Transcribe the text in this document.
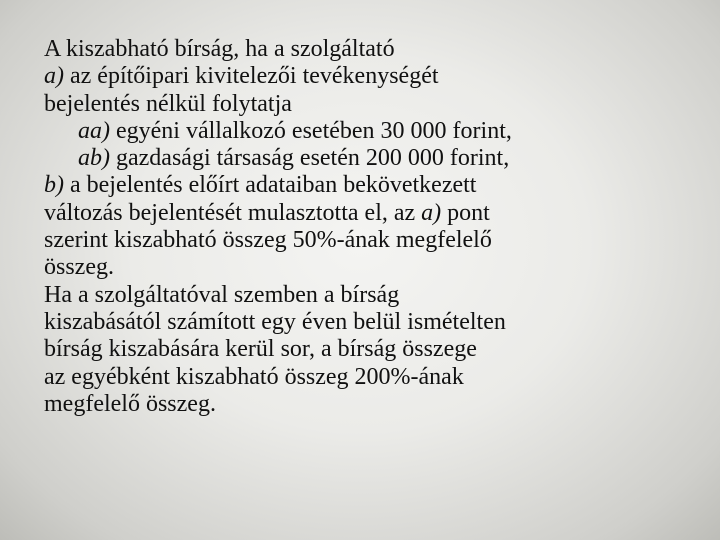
A kiszabható bírság, ha a szolgáltató
a) az építőipari kivitelezői tevékenységét
bejelentés nélkül folytatja
aa) egyéni vállalkozó esetében 30 000 forint,
ab) gazdasági társaság esetén 200 000 forint,
b) a bejelentés előírt adataiban bekövetkezett
változás bejelentését mulasztotta el, az a) pont
szerint kiszabható összeg 50%-ának megfelelő
összeg.
Ha a szolgáltatóval szemben a bírság
kiszabásától számított egy éven belül ismételten
bírság kiszabására kerül sor, a bírság összege
az egyébként kiszabható összeg 200%-ának
megfelelő összeg.
